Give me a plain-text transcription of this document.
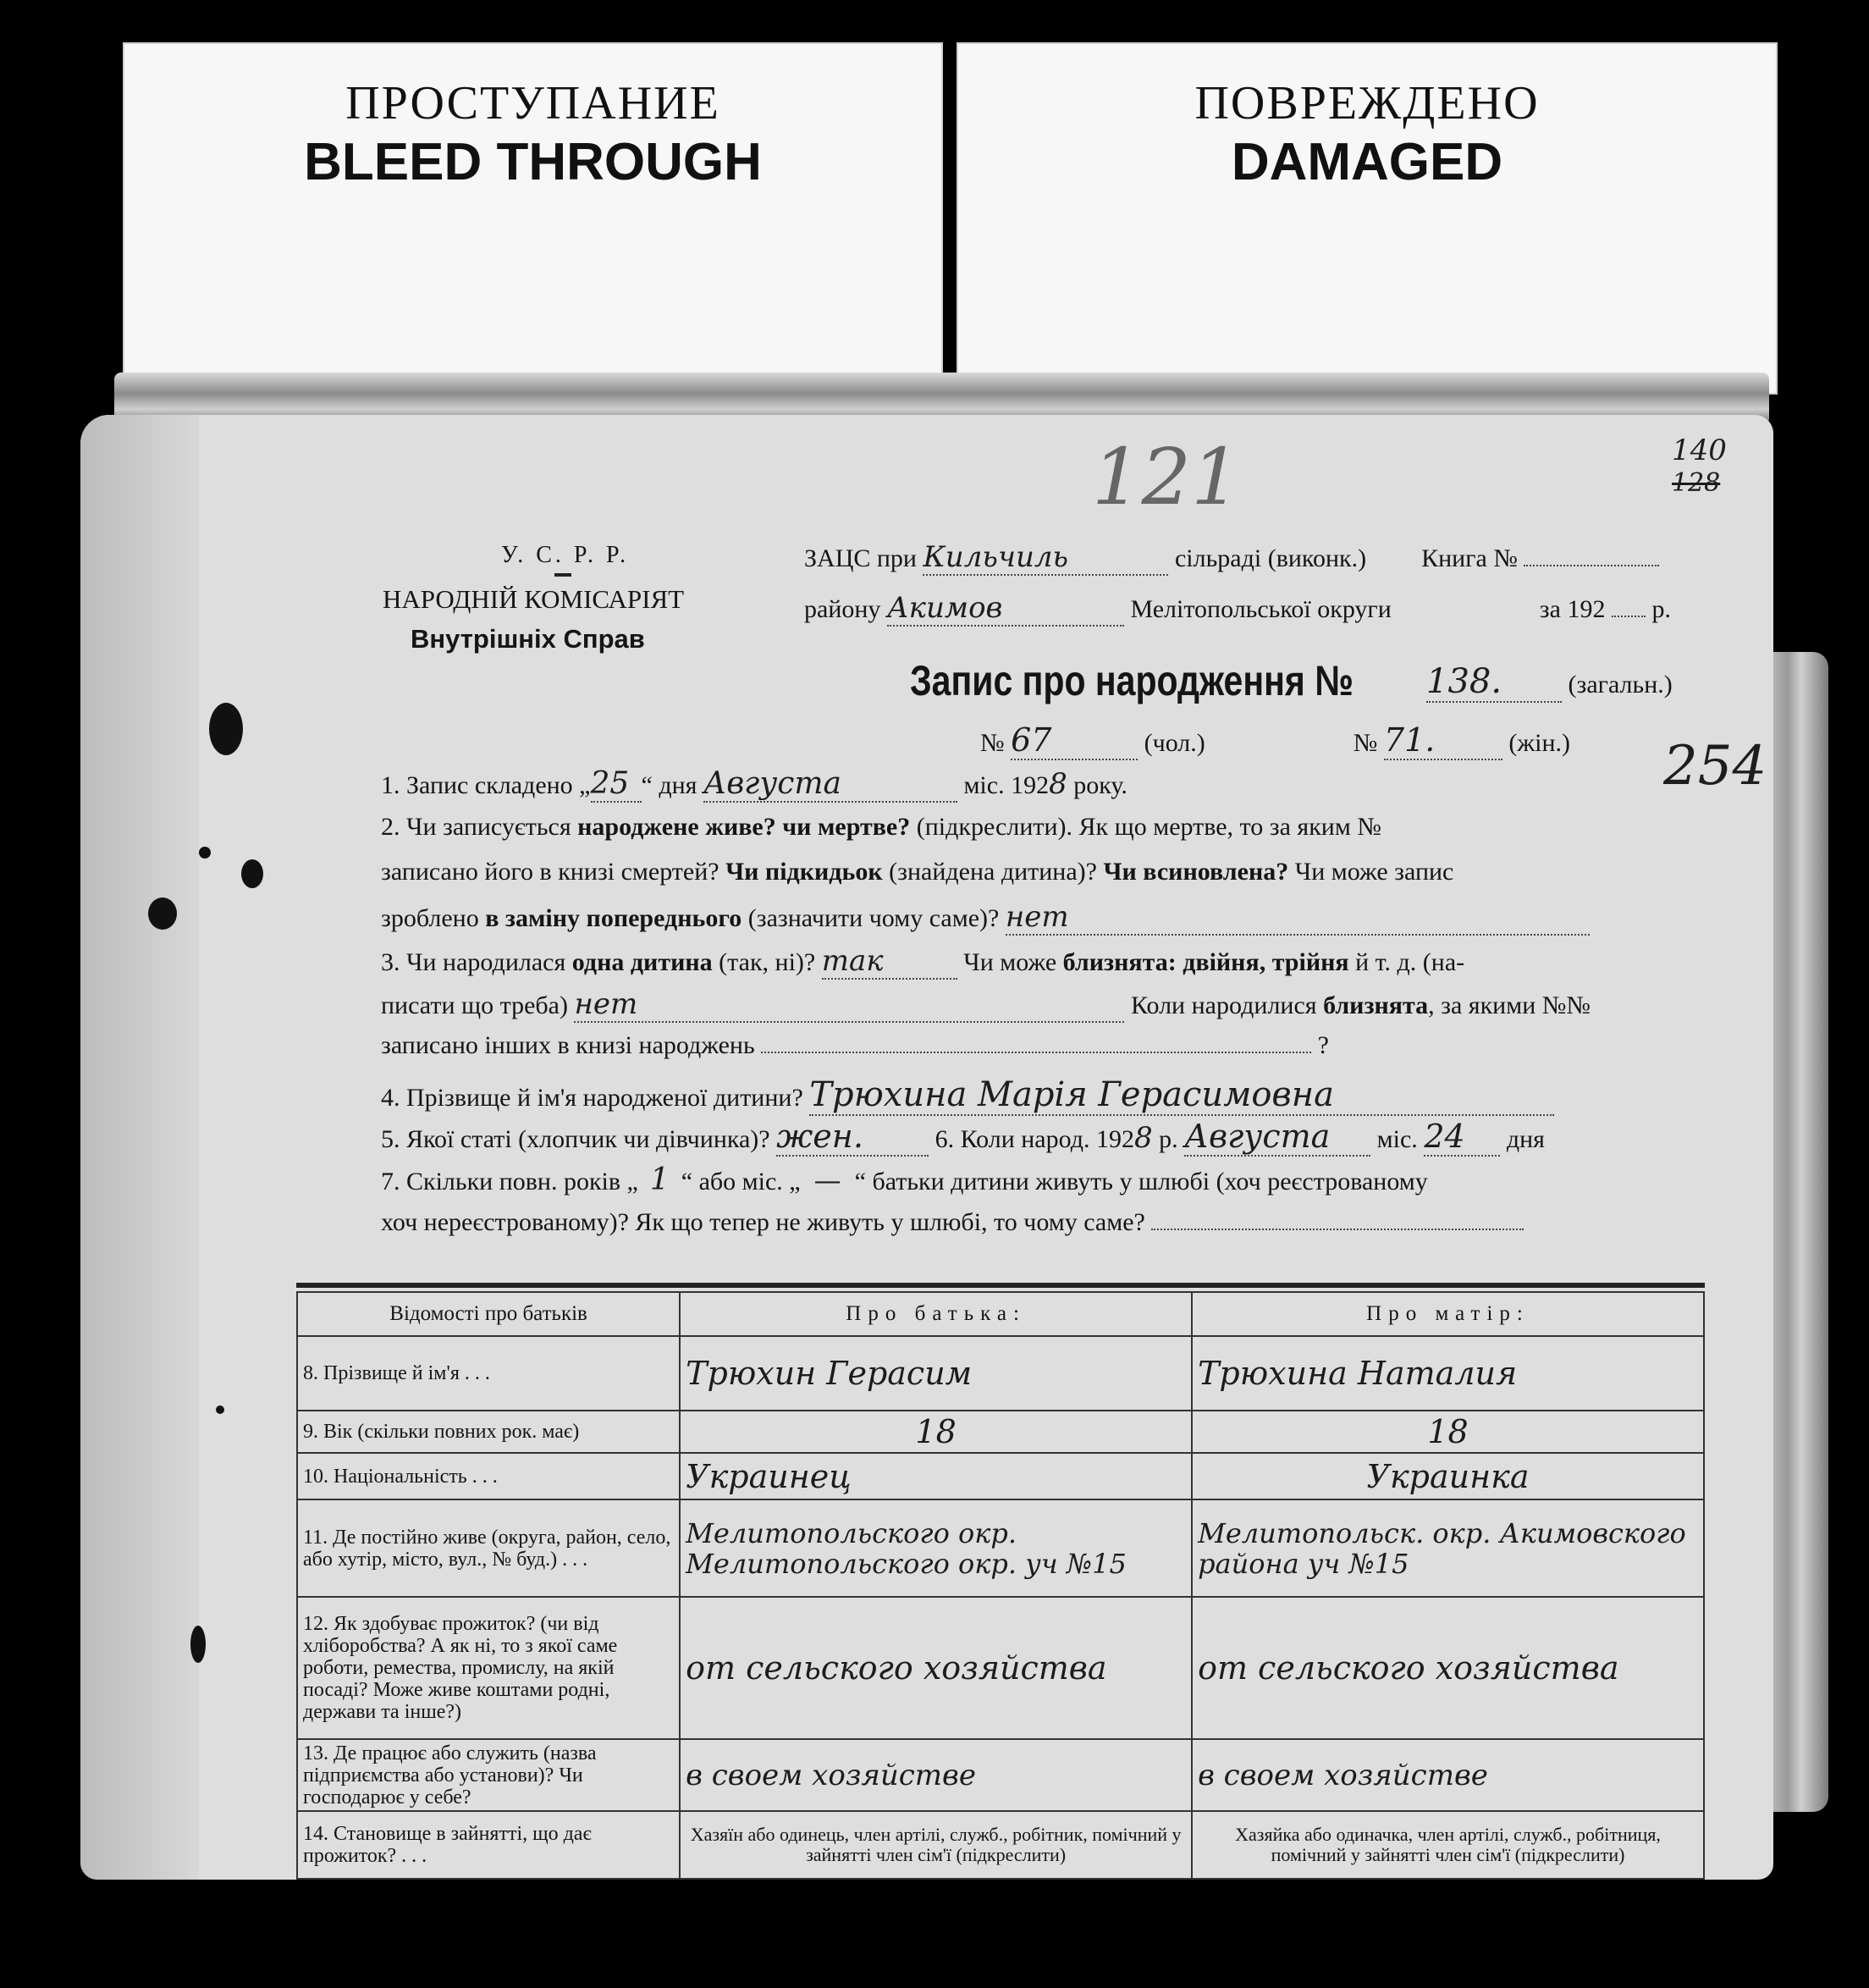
ПРОСТУПАНИЕ
BLEED THROUGH
ПОВРЕЖДЕНО
DAMAGED
121	140
128
254
У. С. Р. Р.
НАРОДНІЙ КОМІСАРІЯТ
Внутрішніх Справ
ЗАЦС при Кильчиль	сільраді (виконк.) Книга №
району Акимов	Мелітопольської округи	за 192 р.
Запис про народження № 138.	(загальн.)
№ 67	(чол.)	№ 71.	(жін.)
1. Запис складено „25 “ дня Августа	міс. 1928 року.
2. Чи записується народжене живе? чи мертве? (підкреслити). Як що мертве, то за яким №
записано його в книзі смертей? Чи підкидьок (знайдена дитина)? Чи всиновлена? Чи може запис
зроблено в заміну попереднього (зазначити чому саме)? нет
3. Чи народилася одна дитина (так, ні)? так	Чи може близнята: двійня, трійня й т. д. (на-
писати що треба) нет	Коли народилися близнята, за якими №№
записано інших в книзі народжень	?
4. Прізвище й ім'я народженої дитини? Трюхина Марія Герасимовна
5. Якої статі (хлопчик чи дівчинка)? жен.	6. Коли народ. 1928 р. Августа міс. 24 дня
7. Скільки повн. років „ 1 “ або міс. „ — “ батьки дитини живуть у шлюбі (хоч реєстрованому
хоч нереєстрованому)? Як що тепер не живуть у шлюбі, то чому саме?
Відомості про батьків	Про батька:	Про матір:
8. Прізвище й ім'я . . .	Трюхин Герасим	Трюхина Наталия
9. Вік (скільки повних рок. має)	18	18
10. Національність . . .	Украинец	Украинка
11. Де постійно живе (округа, район, село, або хутір, місто, вул., № буд.) . . .	Мелитопольского окр. Мелитопольского окр. уч №15	Мелитопольск. окр. Акимовского района уч №15
12. Як здобуває прожиток? (чи від хліборобства? А як ні, то з якої саме роботи, ремества, промислу, на якій посаді? Може живе коштами родні, держави та інше?)	от сельского хозяйства	от сельского хозяйства
13. Де працює або служить (назва підприємства або установи)? Чи господарює у себе?	в своем хозяйстве	в своем хозяйстве
14. Становище в зайнятті, що дає прожиток? . . .	Хазяїн або одинець, член артілі, служб., робітник, помічний у зайнятті член сім'ї (підкреслити)	Хазяйка або одиначка, член артілі, служб., робітниця, помічний у зайнятті член сім'ї (підкреслити)
